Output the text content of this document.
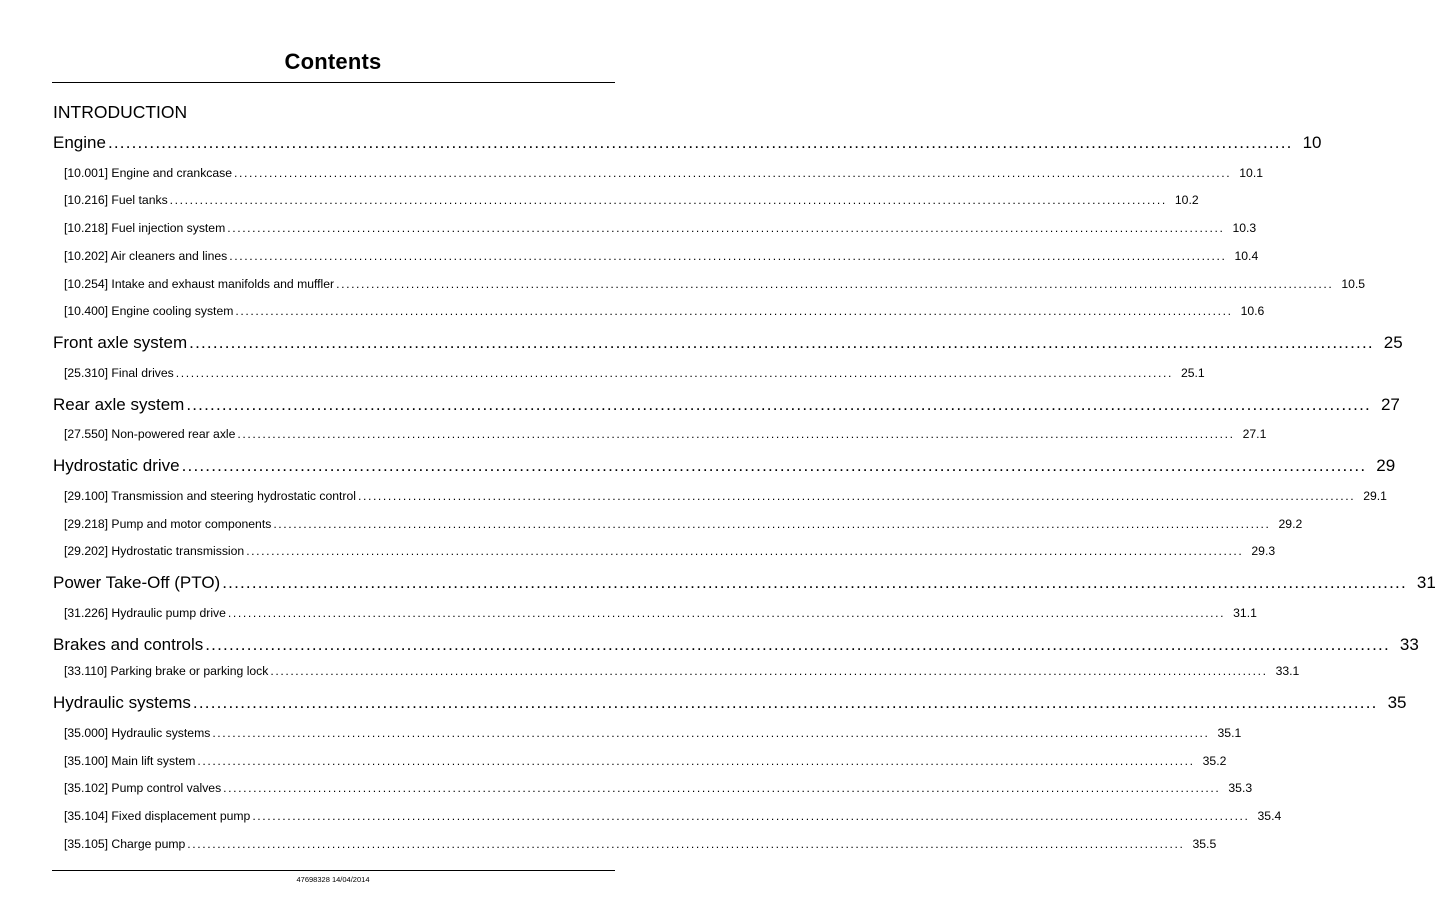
Contents
INTRODUCTION
Engine ........................................................................................................................................................................................................ 10
[10.001] Engine and crankcase ........................................................................................................................................................................................................ 10.1
[10.216] Fuel tanks ........................................................................................................................................................................................................ 10.2
[10.218] Fuel injection system ........................................................................................................................................................................................................ 10.3
[10.202] Air cleaners and lines ........................................................................................................................................................................................................ 10.4
[10.254] Intake and exhaust manifolds and muffler ........................................................................................................................................................................................................ 10.5
[10.400] Engine cooling system ........................................................................................................................................................................................................ 10.6
Front axle system ........................................................................................................................................................................................................ 25
[25.310] Final drives ........................................................................................................................................................................................................ 25.1
Rear axle system ........................................................................................................................................................................................................ 27
[27.550] Non-powered rear axle ........................................................................................................................................................................................................ 27.1
Hydrostatic drive ........................................................................................................................................................................................................ 29
[29.100] Transmission and steering hydrostatic control ........................................................................................................................................................................................................ 29.1
[29.218] Pump and motor components ........................................................................................................................................................................................................ 29.2
[29.202] Hydrostatic transmission ........................................................................................................................................................................................................ 29.3
Power Take-Off (PTO) ........................................................................................................................................................................................................ 31
[31.226] Hydraulic pump drive ........................................................................................................................................................................................................ 31.1
Brakes and controls ........................................................................................................................................................................................................ 33
[33.110] Parking brake or parking lock ........................................................................................................................................................................................................ 33.1
Hydraulic systems ........................................................................................................................................................................................................ 35
[35.000] Hydraulic systems ........................................................................................................................................................................................................ 35.1
[35.100] Main lift system ........................................................................................................................................................................................................ 35.2
[35.102] Pump control valves ........................................................................................................................................................................................................ 35.3
[35.104] Fixed displacement pump ........................................................................................................................................................................................................ 35.4
[35.105] Charge pump ........................................................................................................................................................................................................ 35.5
47698328 14/04/2014
